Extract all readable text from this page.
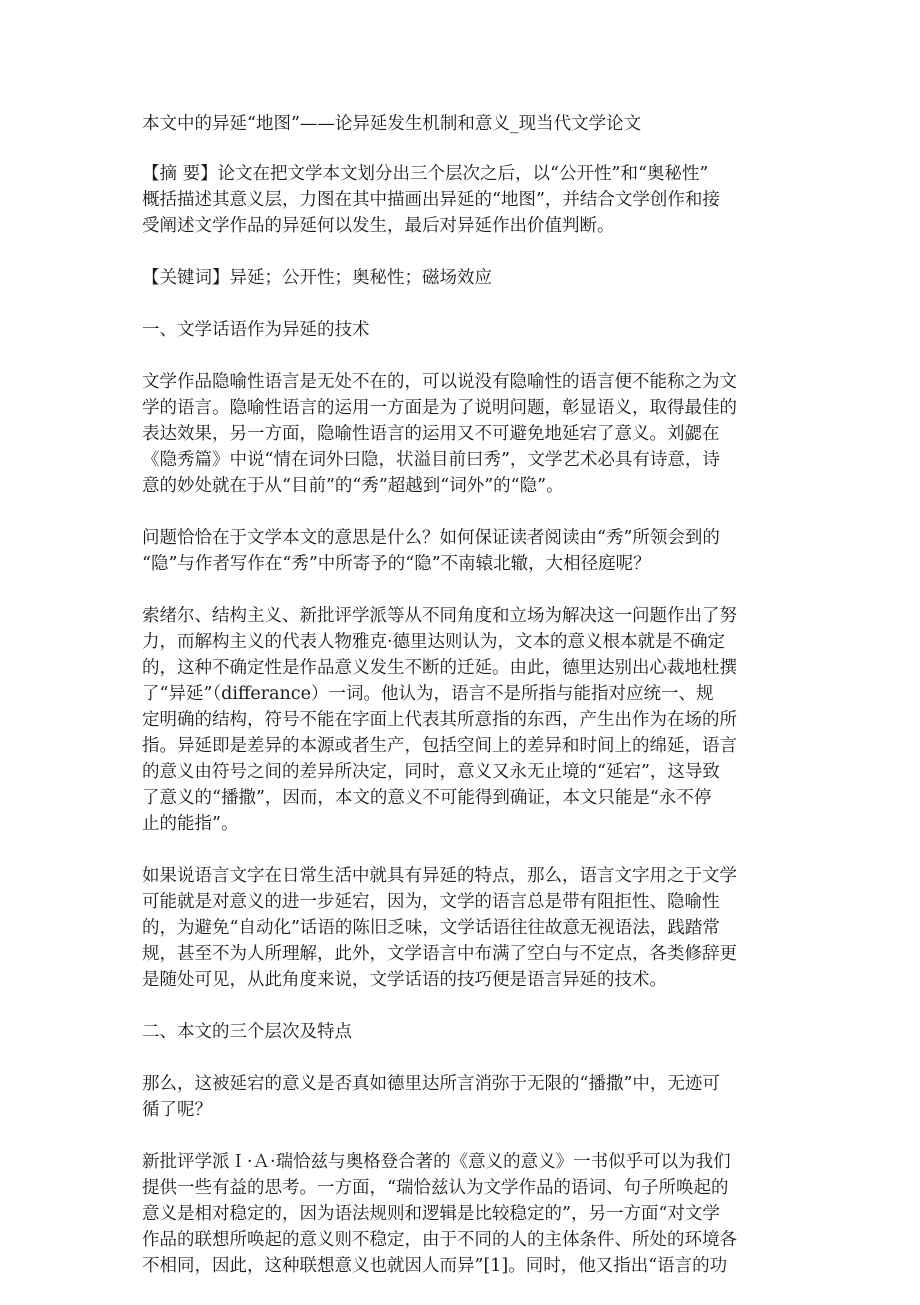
本文中的异延“地图”——论异延发生机制和意义_现当代文学论文

【摘 要】论文在把文学本文划分出三个层次之后，以“公开性”和“奥秘性”
概括描述其意义层，力图在其中描画出异延的“地图”，并结合文学创作和接
受阐述文学作品的异延何以发生，最后对异延作出价值判断。

【关键词】异延；公开性；奥秘性；磁场效应

一、文学话语作为异延的技术

文学作品隐喻性语言是无处不在的，可以说没有隐喻性的语言便不能称之为文
学的语言。隐喻性语言的运用一方面是为了说明问题，彰显语义，取得最佳的
表达效果，另一方面，隐喻性语言的运用又不可避免地延宕了意义。刘勰在
《隐秀篇》中说“情在词外曰隐，状溢目前曰秀”，文学艺术必具有诗意，诗
意的妙处就在于从“目前”的“秀”超越到“词外”的“隐”。

问题恰恰在于文学本文的意思是什么？如何保证读者阅读由“秀”所领会到的
“隐”与作者写作在“秀”中所寄予的“隐”不南辕北辙，大相径庭呢？

索绪尔、结构主义、新批评学派等从不同角度和立场为解决这一问题作出了努
力，而解构主义的代表人物雅克·德里达则认为，文本的意义根本就是不确定
的，这种不确定性是作品意义发生不断的迁延。由此，德里达别出心裁地杜撰
了“异延”（differance）一词。他认为，语言不是所指与能指对应统一、规
定明确的结构，符号不能在字面上代表其所意指的东西，产生出作为在场的所
指。异延即是差异的本源或者生产，包括空间上的差异和时间上的绵延，语言
的意义由符号之间的差异所决定，同时，意义又永无止境的“延宕”，这导致
了意义的“播撒”，因而，本文的意义不可能得到确证，本文只能是“永不停
止的能指”。

如果说语言文字在日常生活中就具有异延的特点，那么，语言文字用之于文学
可能就是对意义的进一步延宕，因为，文学的语言总是带有阻拒性、隐喻性
的，为避免“自动化”话语的陈旧乏味，文学话语往往故意无视语法，践踏常
规，甚至不为人所理解，此外，文学语言中布满了空白与不定点，各类修辞更
是随处可见，从此角度来说，文学话语的技巧便是语言异延的技术。

二、本文的三个层次及特点

那么，这被延宕的意义是否真如德里达所言消弥于无限的“播撒”中，无迹可
循了呢？

新批评学派Ｉ·Ａ·瑞恰兹与奥格登合著的《意义的意义》一书似乎可以为我们
提供一些有益的思考。一方面，“瑞恰兹认为文学作品的语词、句子所唤起的
意义是相对稳定的，因为语法规则和逻辑是比较稳定的”，另一方面“对文学
作品的联想所唤起的意义则不稳定，由于不同的人的主体条件、所处的环境各
不相同，因此，这种联想意义也就因人而异”[1]。同时，他又指出“语言的功
